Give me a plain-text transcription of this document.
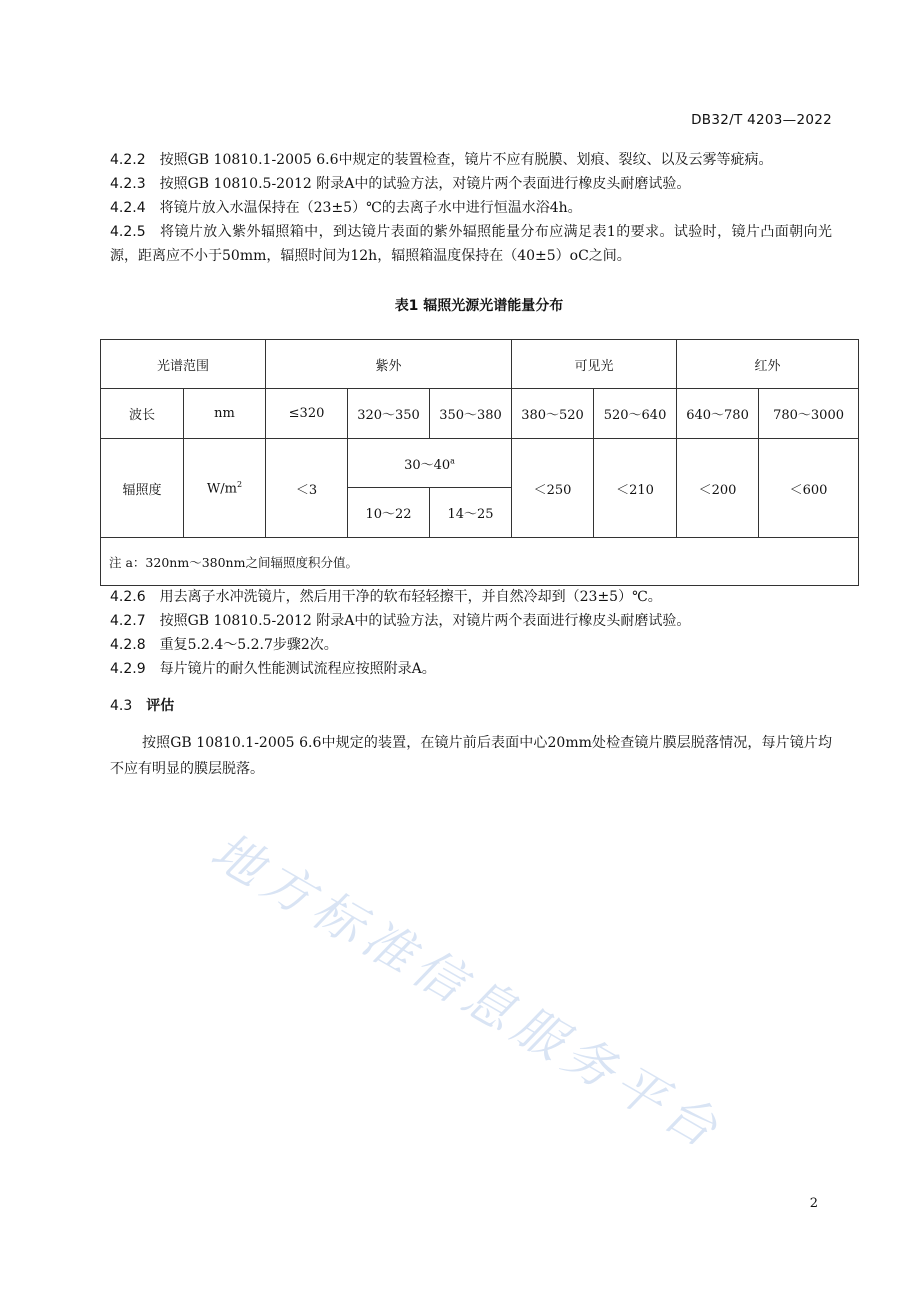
DB32/T 4203—2022
4.2.2 按照GB 10810.1-2005 6.6中规定的装置检查，镜片不应有脱膜、划痕、裂纹、以及云雾等疵病。
4.2.3 按照GB 10810.5-2012 附录A中的试验方法，对镜片两个表面进行橡皮头耐磨试验。
4.2.4 将镜片放入水温保持在（23±5）℃的去离子水中进行恒温水浴4h。
4.2.5 将镜片放入紫外辐照箱中，到达镜片表面的紫外辐照能量分布应满足表1的要求。试验时，镜片凸面朝向光源，距离应不小于50mm，辐照时间为12h，辐照箱温度保持在（40±5）oC之间。
表1 辐照光源光谱能量分布
光谱范围		紫外			可见光		红外	
波长	nm	≤320	320～350	350～380	380～520	520～640	640～780	780～3000
辐照度	$W/m^2$	＜3	30～40$^a$		＜250	＜210	＜200	＜600
			10～22	14～25				
注 a：320nm～380nm之间辐照度积分值。								
4.2.6 用去离子水冲洗镜片，然后用干净的软布轻轻擦干，并自然冷却到（23±5）℃。
4.2.7 按照GB 10810.5-2012 附录A中的试验方法，对镜片两个表面进行橡皮头耐磨试验。
4.2.8 重复5.2.4～5.2.7步骤2次。
4.2.9 每片镜片的耐久性能测试流程应按照附录A。
4.3 评估
按照GB 10810.1-2005 6.6中规定的装置，在镜片前后表面中心20mm处检查镜片膜层脱落情况，每片镜片均不应有明显的膜层脱落。
地方标准信息服务平台
2
